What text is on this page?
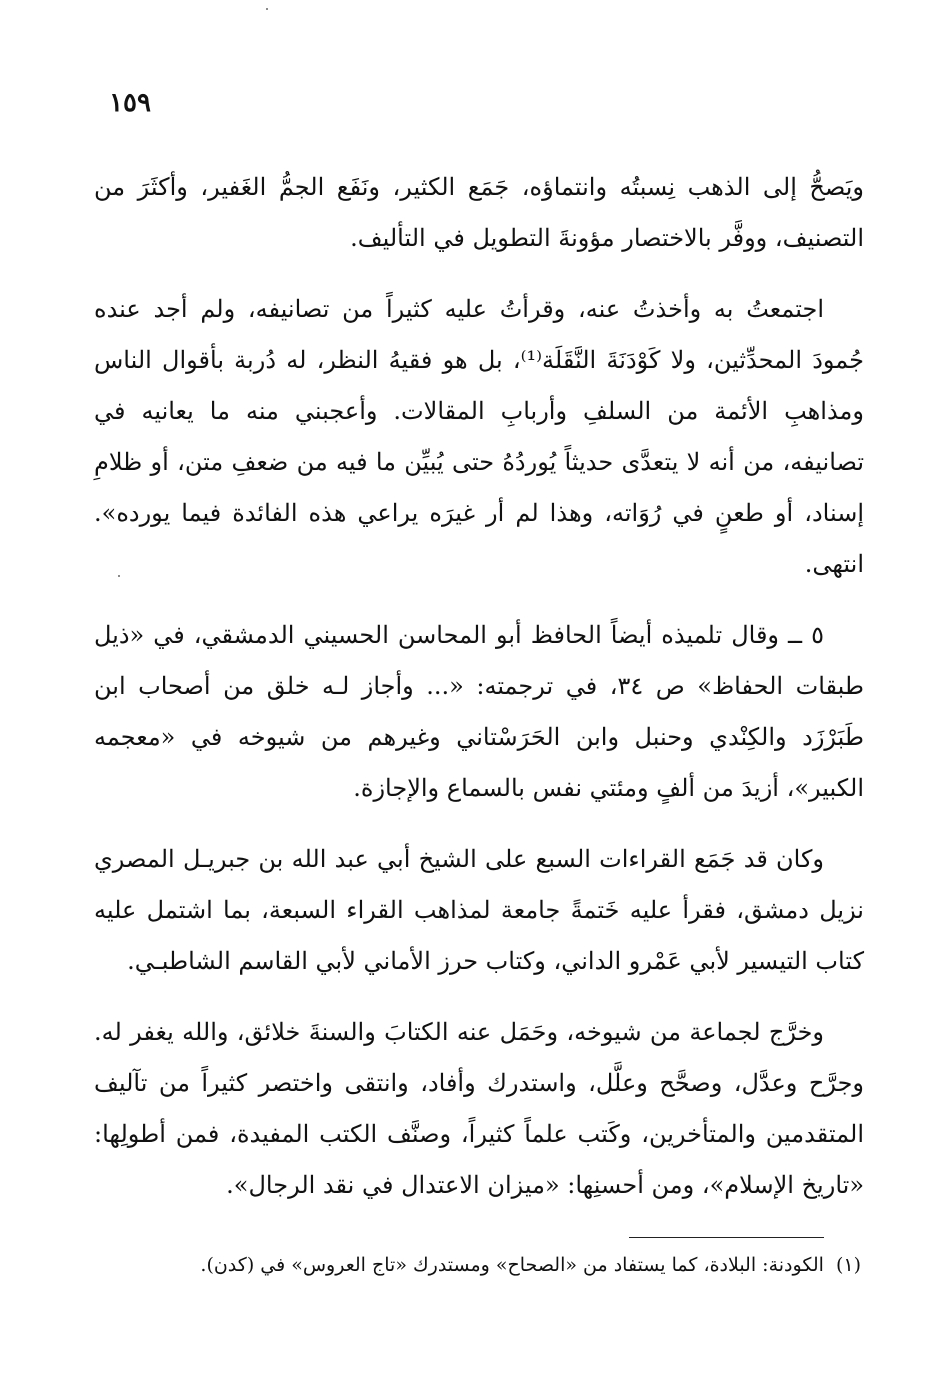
١٥٩

ويَصحُّ إلى الذهب نِسبتُه وانتماؤه، جَمَع الكثير، ونَفَع الجمُّ الغَفير، وأكثَرَ من التصنيف، ووفَّر بالاختصار مؤونةَ التطويل في التأليف.

اجتمعتُ به وأخذتُ عنه، وقرأتُ عليه كثيراً من تصانيفه، ولم أجد عنده جُمودَ المحدِّثين، ولا كَوْدَنَةَ النَّقَلَة⁽¹⁾، بل هو فقيهُ النظر، له دُربة بأقوال الناس ومذاهبِ الأئمة من السلفِ وأربابِ المقالات. وأعجبني منه ما يعانيه في تصانيفه، من أنه لا يتعدَّى حديثاً يُوردُهُ حتى يُبيِّن ما فيه من ضعفِ متن، أو ظلامِ إسناد، أو طعنٍ في رُوَاته، وهذا لم أر غيرَه يراعي هذه الفائدة فيما يورده». انتهى.

٥ ــ وقال تلميذه أيضاً الحافظ أبو المحاسن الحسيني الدمشقي، في «ذيل طبقات الحفاظ» ص ٣٤، في ترجمته: «... وأجاز لـه خلق من أصحاب ابن طَبَرْزَد والكِنْدي وحنبل وابن الحَرَسْتاني وغيرهم من شيوخه في «معجمه الكبير»، أزيدَ من ألفٍ ومئتي نفس بالسماع والإجازة.

وكان قد جَمَع القراءات السبع على الشيخ أبي عبد الله بن جبريـل المصري نزيل دمشق، فقرأ عليه خَتمةً جامعة لمذاهب القراء السبعة، بما اشتمل عليه كتاب التيسير لأبي عَمْرو الداني، وكتاب حرز الأماني لأبي القاسم الشاطبـي.

وخرَّج لجماعة من شيوخه، وحَمَل عنه الكتابَ والسنةَ خلائق، والله يغفر له. وجرَّح وعدَّل، وصحَّح وعلَّل، واستدرك وأفاد، وانتقى واختصر كثيراً من تآليف المتقدمين والمتأخرين، وكَتب علماً كثيراً، وصنَّف الكتب المفيدة، فمن أطولِها: «تاريخ الإسلام»، ومن أحسنِها: «ميزان الاعتدال في نقد الرجال».

(١) الكودنة: البلادة، كما يستفاد من «الصحاح» ومستدرك «تاج العروس» في (كدن).
